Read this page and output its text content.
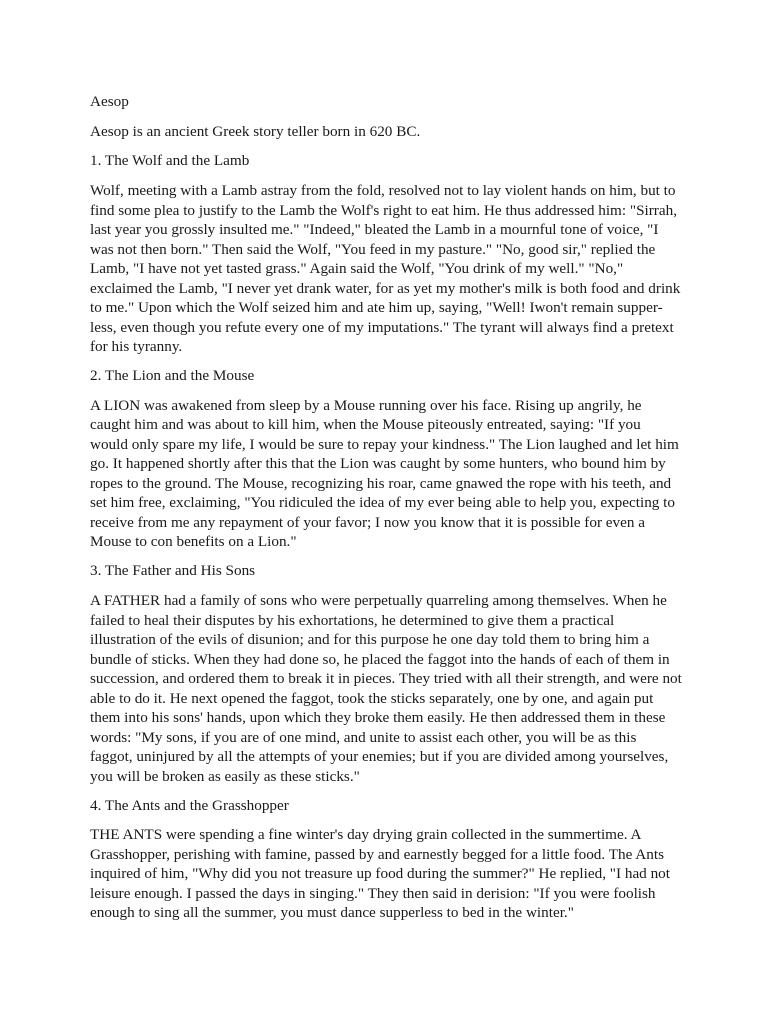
Aesop

Aesop is an ancient Greek story teller born in 620 BC.

1. The Wolf and the Lamb

Wolf, meeting with a Lamb astray from the fold, resolved not to lay violent hands on him, but to find some plea to justify to the Lamb the Wolf's right to eat him. He thus addressed him: "Sirrah, last year you grossly insulted me." "Indeed," bleated the Lamb in a mournful tone of voice, "I was not then born." Then said the Wolf, "You feed in my pasture." "No, good sir," replied the Lamb, "I have not yet tasted grass." Again said the Wolf, "You drink of my well." "No," exclaimed the Lamb, "I never yet drank water, for as yet my mother's milk is both food and drink to me." Upon which the Wolf seized him and ate him up, saying, "Well! Iwon't remain supper-less, even though you refute every one of my imputations." The tyrant will always find a pretext for his tyranny.

2. The Lion and the Mouse

A LION was awakened from sleep by a Mouse running over his face. Rising up angrily, he caught him and was about to kill him, when the Mouse piteously entreated, saying: "If you would only spare my life, I would be sure to repay your kindness." The Lion laughed and let him go. It happened shortly after this that the Lion was caught by some hunters, who bound him by ropes to the ground. The Mouse, recognizing his roar, came gnawed the rope with his teeth, and set him free, exclaiming, "You ridiculed the idea of my ever being able to help you, expecting to receive from me any repayment of your favor; I now you know that it is possible for even a Mouse to con benefits on a Lion."

3. The Father and His Sons

A FATHER had a family of sons who were perpetually quarreling among themselves. When he failed to heal their disputes by his exhortations, he determined to give them a practical illustration of the evils of disunion; and for this purpose he one day told them to bring him a bundle of sticks. When they had done so, he placed the faggot into the hands of each of them in succession, and ordered them to break it in pieces. They tried with all their strength, and were not able to do it. He next opened the faggot, took the sticks separately, one by one, and again put them into his sons' hands, upon which they broke them easily. He then addressed them in these words: "My sons, if you are of one mind, and unite to assist each other, you will be as this faggot, uninjured by all the attempts of your enemies; but if you are divided among yourselves, you will be broken as easily as these sticks."

4. The Ants and the Grasshopper

THE ANTS were spending a fine winter's day drying grain collected in the summertime. A Grasshopper, perishing with famine, passed by and earnestly begged for a little food. The Ants inquired of him, "Why did you not treasure up food during the summer?" He replied, "I had not leisure enough. I passed the days in singing." They then said in derision: "If you were foolish enough to sing all the summer, you must dance supperless to bed in the winter."
